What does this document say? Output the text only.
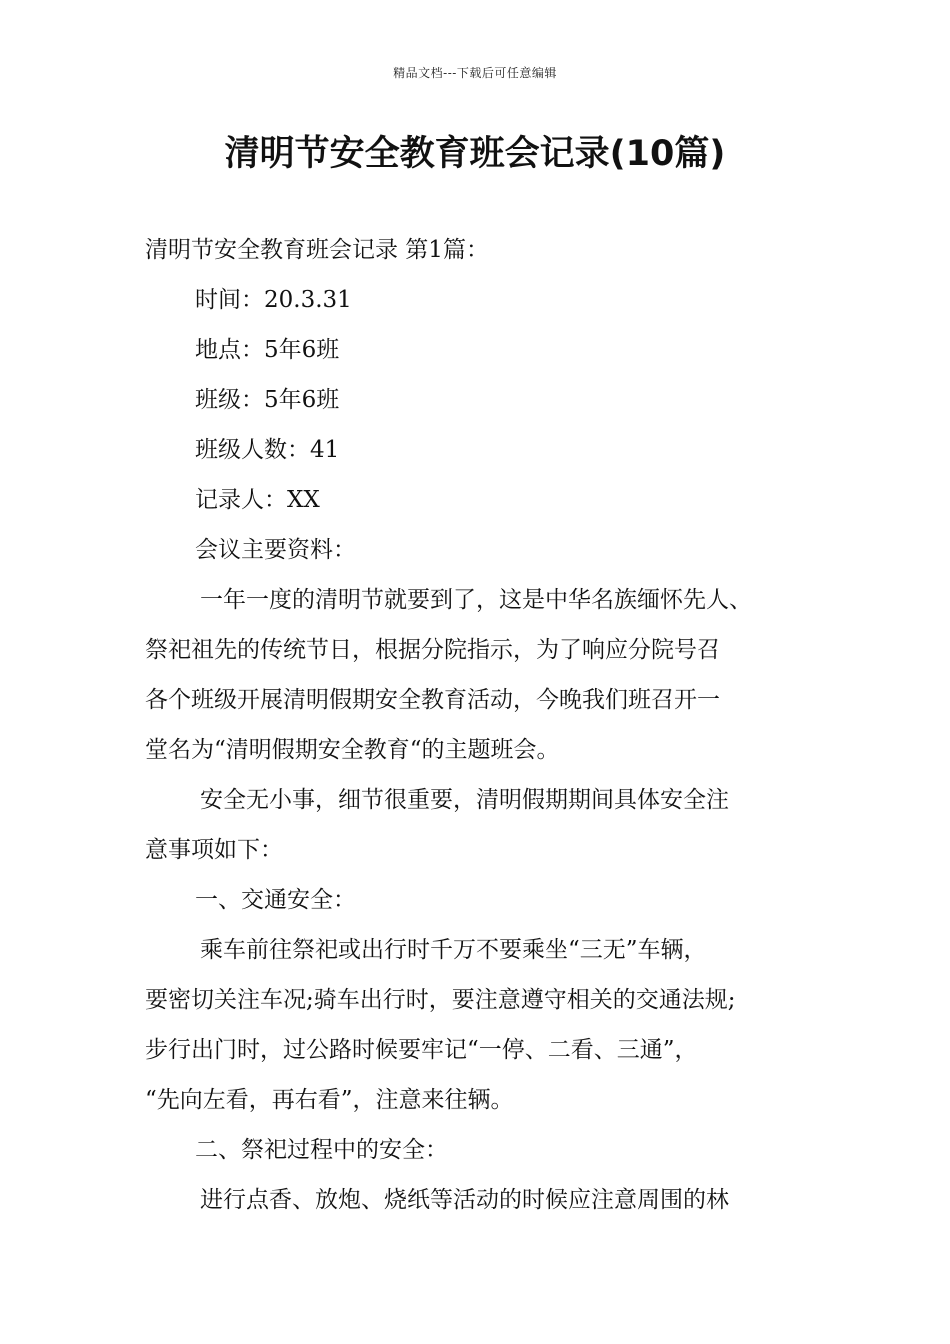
精品文档---下载后可任意编辑
清明节安全教育班会记录(10篇)
清明节安全教育班会记录 第1篇：
时间：20.3.31
地点：5年6班
班级：5年6班
班级人数：41
记录人：XX
会议主要资料：
一年一度的清明节就要到了，这是中华名族缅怀先人、
祭祀祖先的传统节日，根据分院指示，为了响应分院号召
各个班级开展清明假期安全教育活动，今晚我们班召开一
堂名为“清明假期安全教育“的主题班会。
安全无小事，细节很重要，清明假期期间具体安全注
意事项如下：
一、交通安全：
乘车前往祭祀或出行时千万不要乘坐“三无”车辆，
要密切关注车况;骑车出行时，要注意遵守相关的交通法规;
步行出门时，过公路时候要牢记“一停、二看、三通”，
“先向左看，再右看”，注意来往辆。
二、祭祀过程中的安全：
进行点香、放炮、烧纸等活动的时候应注意周围的林
